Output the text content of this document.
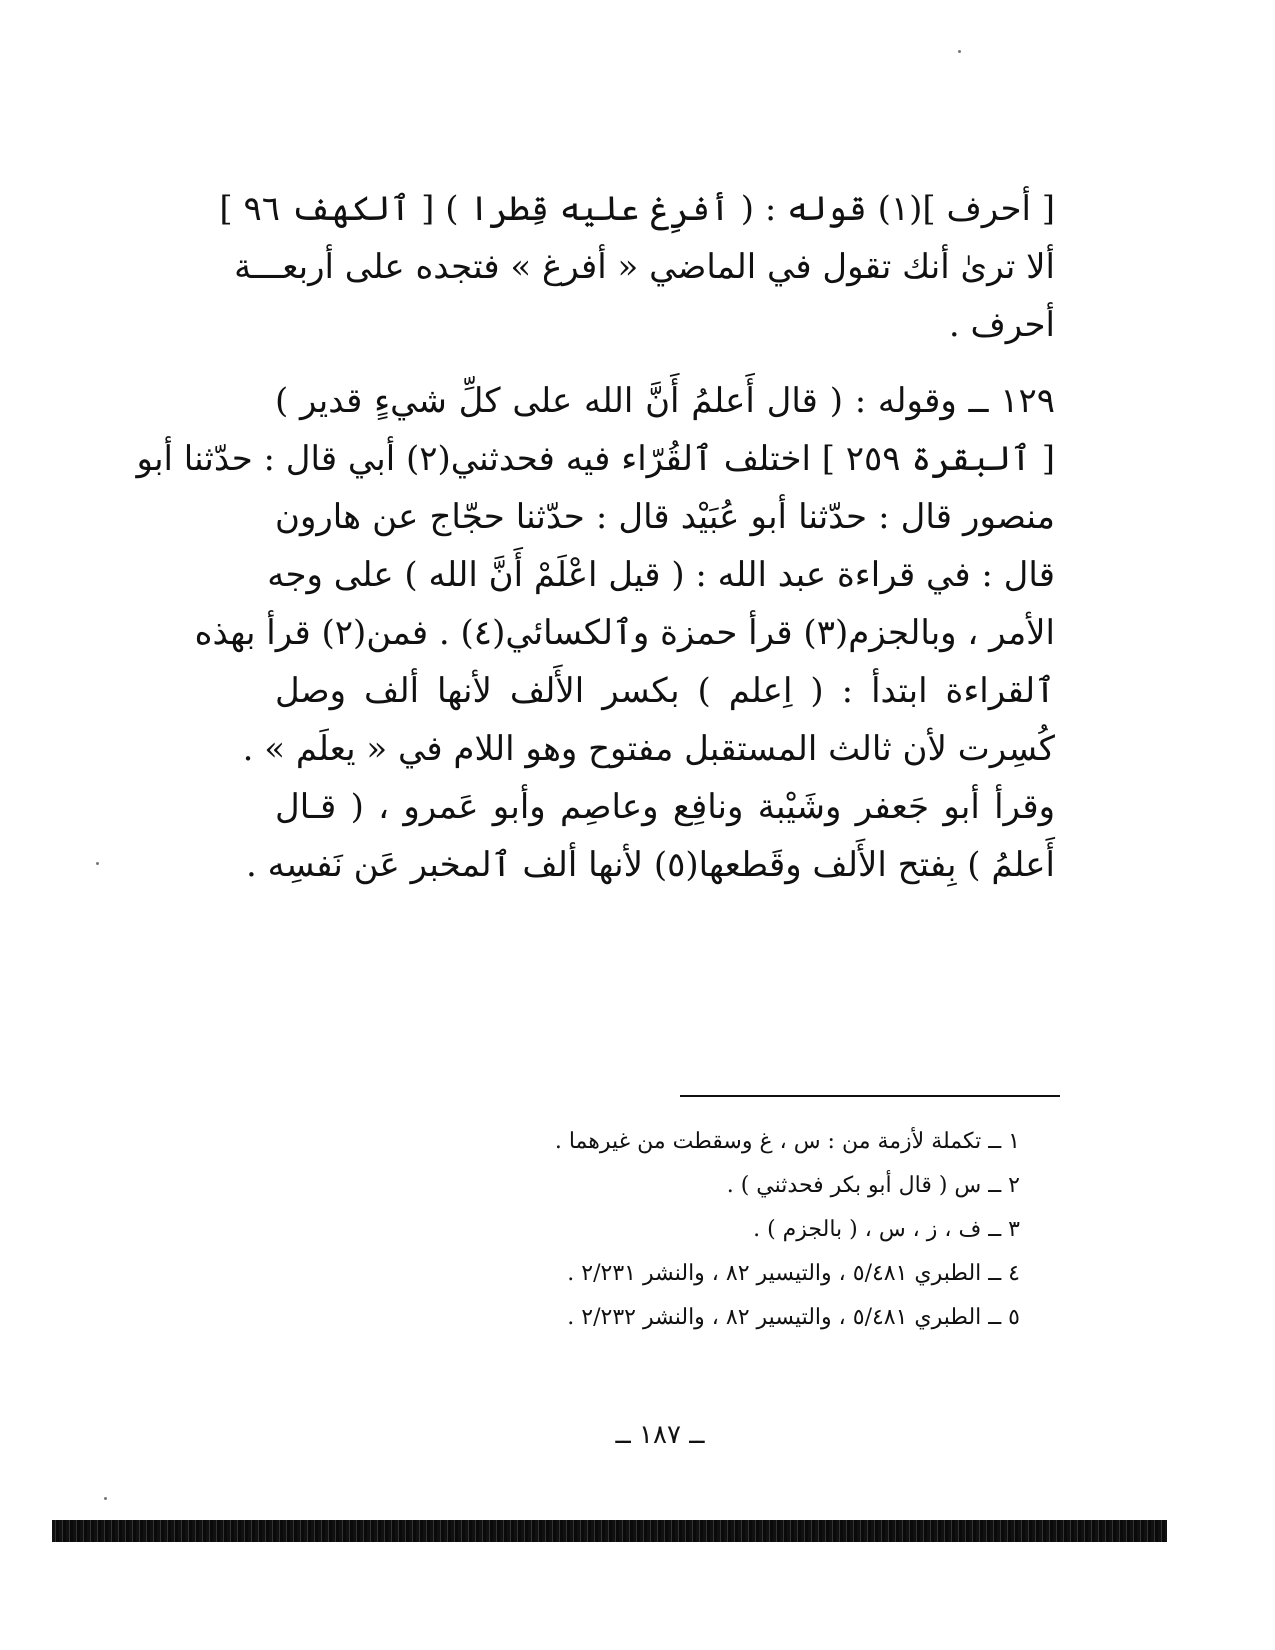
[ أحرف ](١) قوله : ( أفرِغ عليه قِطرا ) [ ٱلكهف ٩٦ ]
ألا ترىٰ أنك تقول في الماضي « أفرغ » فتجده على أربعـــة
أحرف .
١٢٩ ــ وقوله : ( قال أَعلمُ أَنَّ الله على كلِّ شيءٍ قدير )
[ ٱلبقرة ٢٥٩ ] اختلف ٱلقُرّاء فيه فحدثني(٢) أبي قال : حدّثنا أبو
منصور قال : حدّثنا أبو عُبَيْد قال : حدّثنا حجّاج عن هارون
قال : في قراءة عبد الله : ( قيل اعْلَمْ أَنَّ الله ) على وجه
الأمر ، وبالجزم(٣) قرأ حمزة وٱلكسائي(٤) . فمن(٢) قرأ بهذه
ٱلقراءة ابتدأ : ( اِعلم ) بكسر الأَلف لأنها ألف وصل
كُسِرت لأن ثالث المستقبل مفتوح وهو اللام في « يعلَم » .
وقرأ أبو جَعفر وشَيْبة ونافِع وعاصِم وأبو عَمرو ، ( قـال
أَعلمُ ) بِفتح الأَلف وقَطعها(٥) لأنها ألف ٱلمخبر عَن نَفسِه .
١ ــ تكملة لأزمة من : س ، غ وسقطت من غيرهما .
٢ ــ س ( قال أبو بكر فحدثني ) .
٣ ــ ف ، ز ، س ، ( بالجزم ) .
٤ ــ الطبري ٥/٤٨١ ، والتيسير ٨٢ ، والنشر ٢/٢٣١ .
٥ ــ الطبري ٥/٤٨١ ، والتيسير ٨٢ ، والنشر ٢/٢٣٢ .
ــ ١٨٧ ــ
